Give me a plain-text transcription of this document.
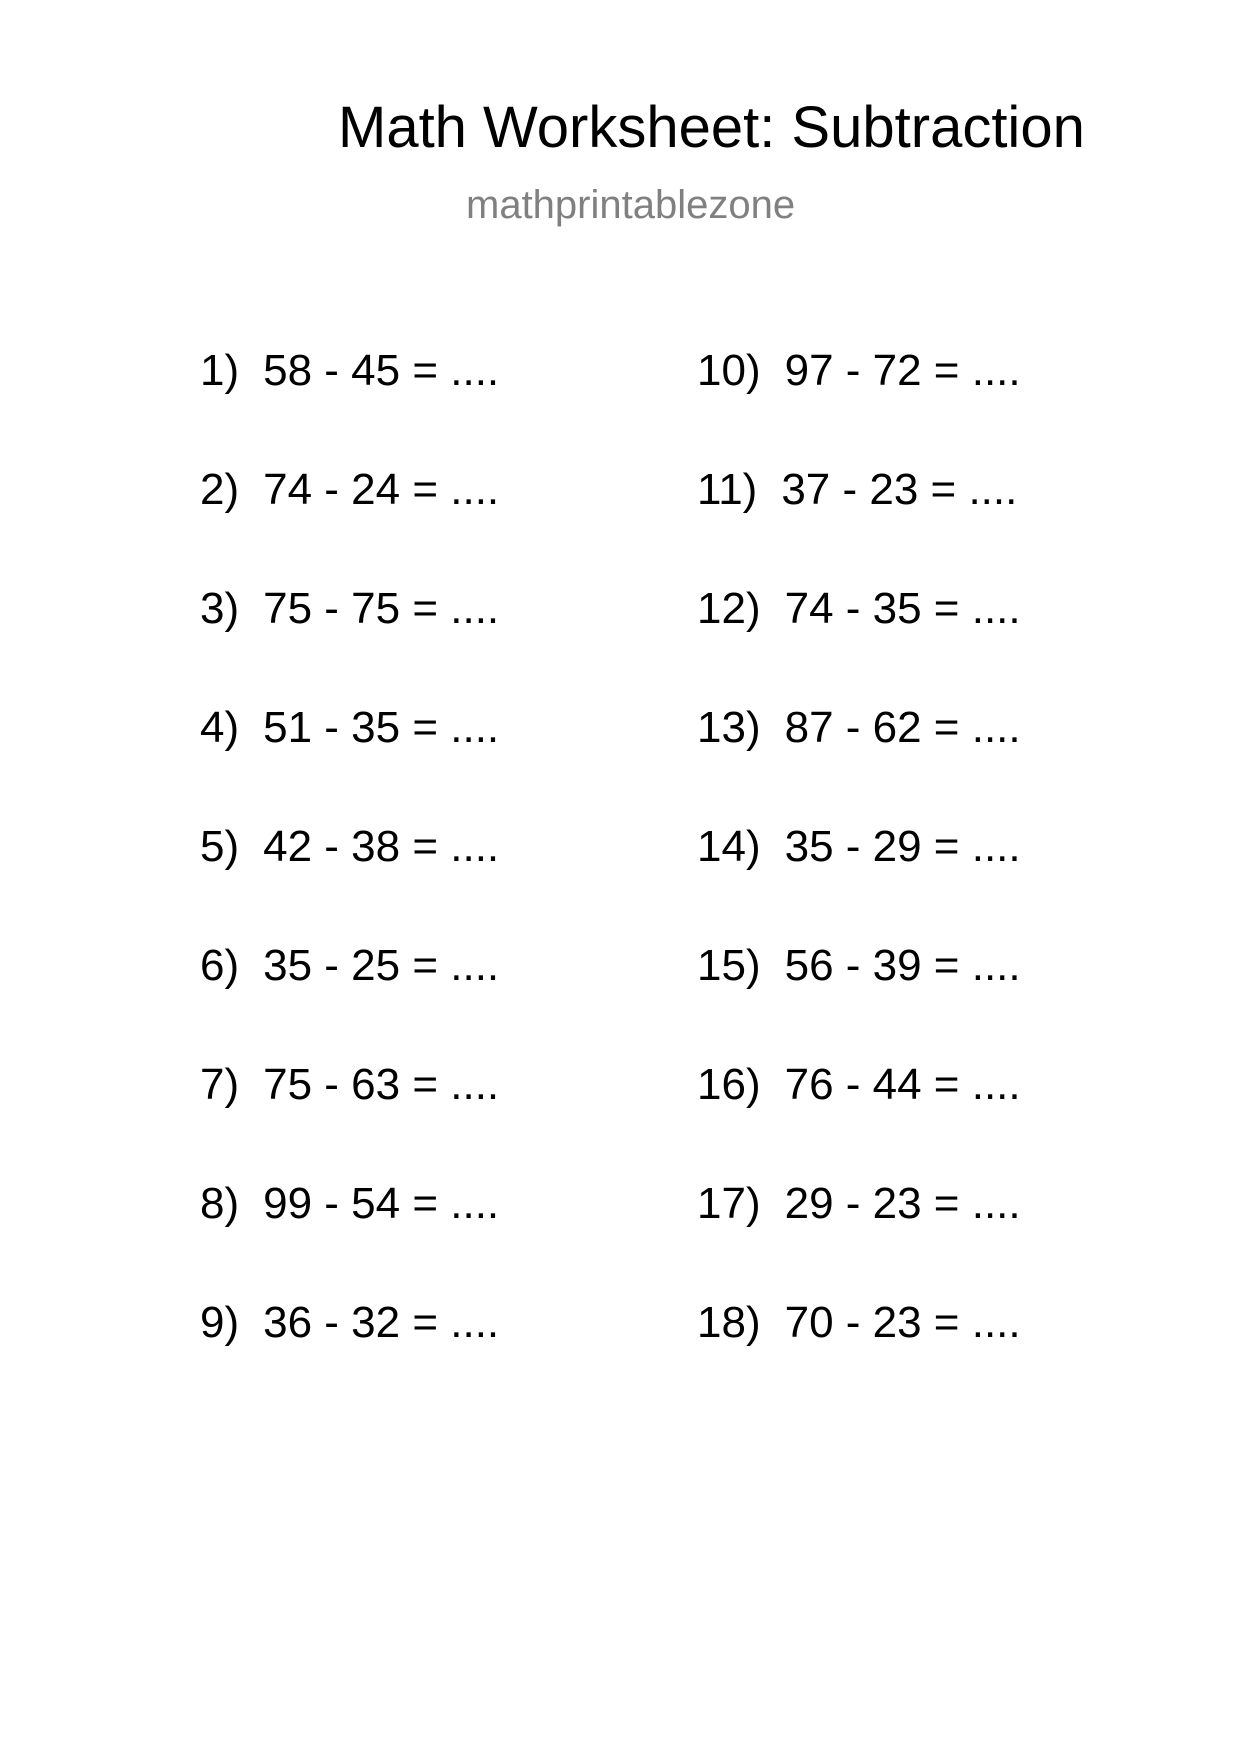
Math Worksheet: Subtraction
mathprintablezone
1) 58 - 45 = ....
2) 74 - 24 = ....
3) 75 - 75 = ....
4) 51 - 35 = ....
5) 42 - 38 = ....
6) 35 - 25 = ....
7) 75 - 63 = ....
8) 99 - 54 = ....
9) 36 - 32 = ....
10) 97 - 72 = ....
11) 37 - 23 = ....
12) 74 - 35 = ....
13) 87 - 62 = ....
14) 35 - 29 = ....
15) 56 - 39 = ....
16) 76 - 44 = ....
17) 29 - 23 = ....
18) 70 - 23 = ....
